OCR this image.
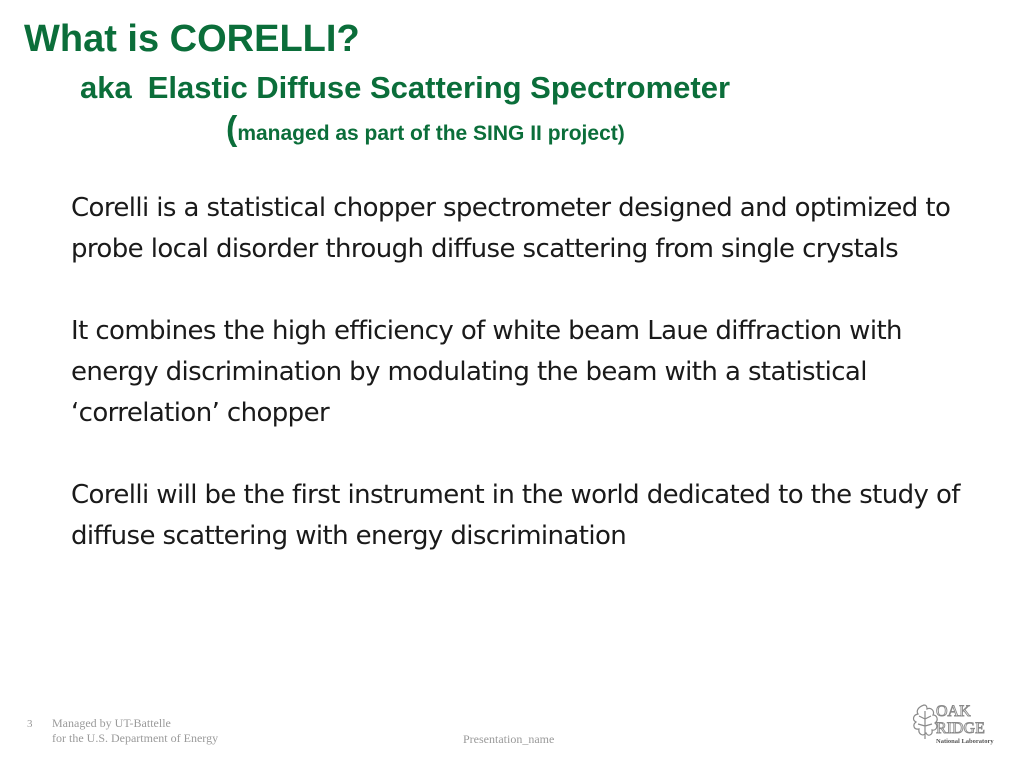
What is CORELLI?
aka Elastic Diffuse Scattering Spectrometer
(managed as part of the SING II project)

Corelli is a statistical chopper spectrometer designed and optimized to probe local disorder through diffuse scattering from single crystals

It combines the high efficiency of white beam Laue diffraction with energy discrimination by modulating the beam with a statistical ‘correlation’ chopper

Corelli will be the first instrument in the world dedicated to the study of diffuse scattering with energy discrimination

3 Managed by UT-Battelle
for the U.S. Department of Energy	Presentation_name
OAK
RIDGE
National Laboratory
